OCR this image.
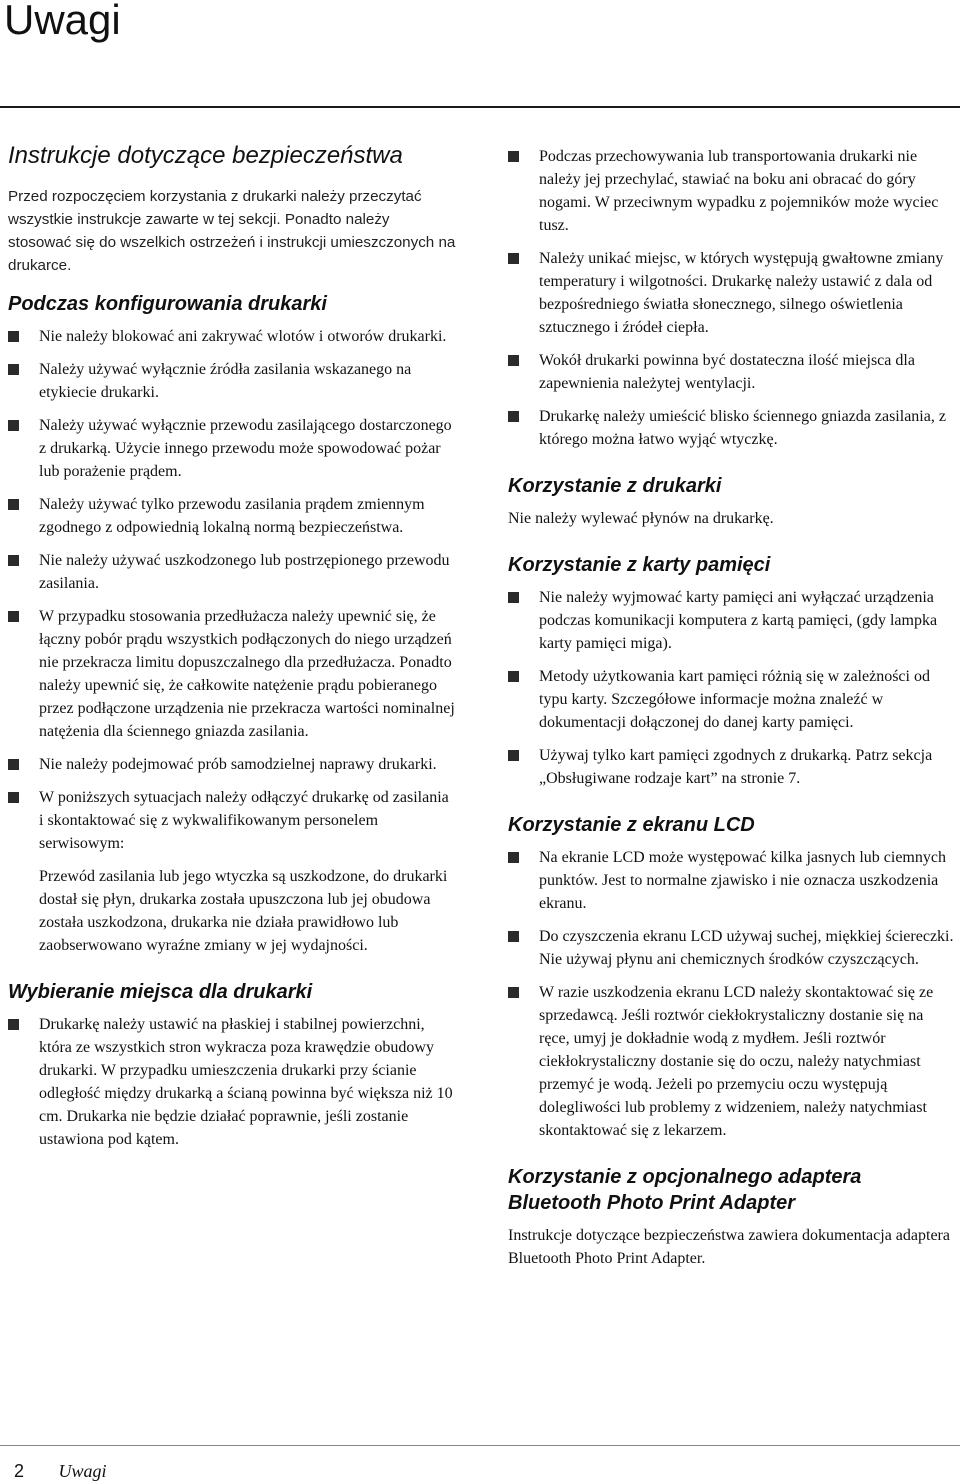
Uwagi
Instrukcje dotyczące bezpieczeństwa

Przed rozpoczęciem korzystania z drukarki należy przeczytać wszystkie instrukcje zawarte w tej sekcji. Ponadto należy stosować się do wszelkich ostrzeżeń i instrukcji umieszczonych na drukarce.

Podczas konfigurowania drukarki
Nie należy blokować ani zakrywać wlotów i otworów drukarki.
Należy używać wyłącznie źródła zasilania wskazanego na etykiecie drukarki.
Należy używać wyłącznie przewodu zasilającego dostarczonego z drukarką. Użycie innego przewodu może spowodować pożar lub porażenie prądem.
Należy używać tylko przewodu zasilania prądem zmiennym zgodnego z odpowiednią lokalną normą bezpieczeństwa.
Nie należy używać uszkodzonego lub postrzępionego przewodu zasilania.
W przypadku stosowania przedłużacza należy upewnić się, że łączny pobór prądu wszystkich podłączonych do niego urządzeń nie przekracza limitu dopuszczalnego dla przedłużacza. Ponadto należy upewnić się, że całkowite natężenie prądu pobieranego przez podłączone urządzenia nie przekracza wartości nominalnej natężenia dla ściennego gniazda zasilania.
Nie należy podejmować prób samodzielnej naprawy drukarki.
W poniższych sytuacjach należy odłączyć drukarkę od zasilania i skontaktować się z wykwalifikowanym personelem serwisowym:
Przewód zasilania lub jego wtyczka są uszkodzone, do drukarki dostał się płyn, drukarka została upuszczona lub jej obudowa została uszkodzona, drukarka nie działa prawidłowo lub zaobserwowano wyraźne zmiany w jej wydajności.
Wybieranie miejsca dla drukarki
Drukarkę należy ustawić na płaskiej i stabilnej powierzchni, która ze wszystkich stron wykracza poza krawędzie obudowy drukarki. W przypadku umieszczenia drukarki przy ścianie odległość między drukarką a ścianą powinna być większa niż 10 cm. Drukarka nie będzie działać poprawnie, jeśli zostanie ustawiona pod kątem.
Podczas przechowywania lub transportowania drukarki nie należy jej przechylać, stawiać na boku ani obracać do góry nogami. W przeciwnym wypadku z pojemników może wyciec tusz.
Należy unikać miejsc, w których występują gwałtowne zmiany temperatury i wilgotności. Drukarkę należy ustawić z dala od bezpośredniego światła słonecznego, silnego oświetlenia sztucznego i źródeł ciepła.
Wokół drukarki powinna być dostateczna ilość miejsca dla zapewnienia należytej wentylacji.
Drukarkę należy umieścić blisko ściennego gniazda zasilania, z którego można łatwo wyjąć wtyczkę.
Korzystanie z drukarki

Nie należy wylewać płynów na drukarkę.

Korzystanie z karty pamięci
Nie należy wyjmować karty pamięci ani wyłączać urządzenia podczas komunikacji komputera z kartą pamięci, (gdy lampka karty pamięci miga).
Metody użytkowania kart pamięci różnią się w zależności od typu karty. Szczegółowe informacje można znaleźć w dokumentacji dołączonej do danej karty pamięci.
Używaj tylko kart pamięci zgodnych z drukarką. Patrz sekcja „Obsługiwane rodzaje kart” na stronie 7.
Korzystanie z ekranu LCD
Na ekranie LCD może występować kilka jasnych lub ciemnych punktów. Jest to normalne zjawisko i nie oznacza uszkodzenia ekranu.
Do czyszczenia ekranu LCD używaj suchej, miękkiej ściereczki. Nie używaj płynu ani chemicznych środków czyszczących.
W razie uszkodzenia ekranu LCD należy skontaktować się ze sprzedawcą. Jeśli roztwór ciekłokrystaliczny dostanie się na ręce, umyj je dokładnie wodą z mydłem. Jeśli roztwór ciekłokrystaliczny dostanie się do oczu, należy natychmiast przemyć je wodą. Jeżeli po przemyciu oczu występują dolegliwości lub problemy z widzeniem, należy natychmiast skontaktować się z lekarzem.
Korzystanie z opcjonalnego adaptera Bluetooth Photo Print Adapter

Instrukcje dotyczące bezpieczeństwa zawiera dokumentacja adaptera Bluetooth Photo Print Adapter.

2 Uwagi
